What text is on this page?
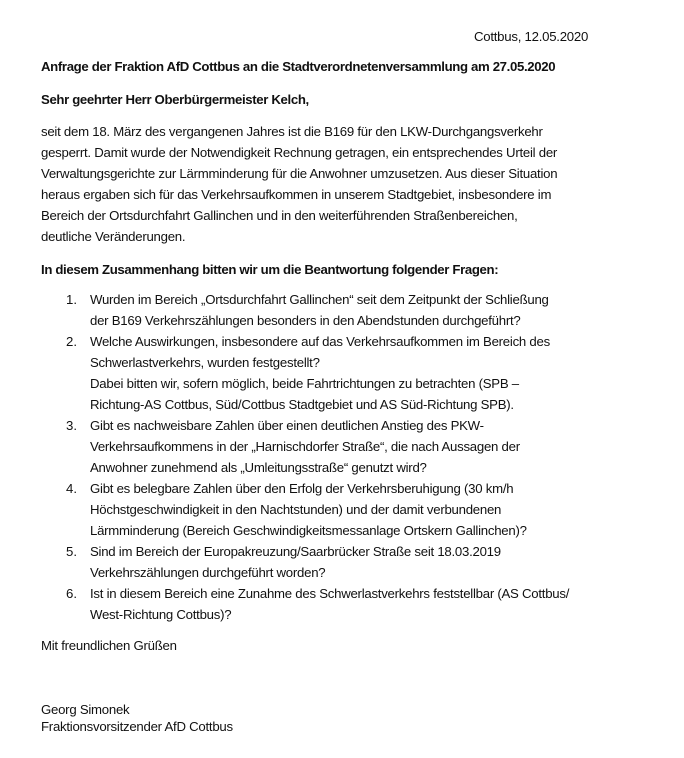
Cottbus, 12.05.2020
Anfrage der Fraktion AfD Cottbus an die Stadtverordnetenversammlung am 27.05.2020
Sehr geehrter Herr Oberbürgermeister Kelch,
seit dem 18. März des vergangenen Jahres ist die B169 für den LKW-Durchgangsverkehr
gesperrt. Damit wurde der Notwendigkeit Rechnung getragen, ein entsprechendes Urteil der
Verwaltungsgerichte zur Lärmminderung für die Anwohner umzusetzen. Aus dieser Situation
heraus ergaben sich für das Verkehrsaufkommen in unserem Stadtgebiet, insbesondere im
Bereich der Ortsdurchfahrt Gallinchen und in den weiterführenden Straßenbereichen,
deutliche Veränderungen.
In diesem Zusammenhang bitten wir um die Beantwortung folgender Fragen:
1. Wurden im Bereich „Ortsdurchfahrt Gallinchen“ seit dem Zeitpunkt der Schließung
der B169 Verkehrszählungen besonders in den Abendstunden durchgeführt?
2. Welche Auswirkungen, insbesondere auf das Verkehrsaufkommen im Bereich des
Schwerlastverkehrs, wurden festgestellt?
Dabei bitten wir, sofern möglich, beide Fahrtrichtungen zu betrachten (SPB –
Richtung-AS Cottbus, Süd/Cottbus Stadtgebiet und AS Süd-Richtung SPB).
3. Gibt es nachweisbare Zahlen über einen deutlichen Anstieg des PKW-
Verkehrsaufkommens in der „Harnischdorfer Straße“, die nach Aussagen der
Anwohner zunehmend als „Umleitungsstraße“ genutzt wird?
4. Gibt es belegbare Zahlen über den Erfolg der Verkehrsberuhigung (30 km/h
Höchstgeschwindigkeit in den Nachtstunden) und der damit verbundenen
Lärmminderung (Bereich Geschwindigkeitsmessanlage Ortskern Gallinchen)?
5. Sind im Bereich der Europakreuzung/Saarbrücker Straße seit 18.03.2019
Verkehrszählungen durchgeführt worden?
6. Ist in diesem Bereich eine Zunahme des Schwerlastverkehrs feststellbar (AS Cottbus/
West-Richtung Cottbus)?
Mit freundlichen Grüßen
Georg Simonek
Fraktionsvorsitzender AfD Cottbus
